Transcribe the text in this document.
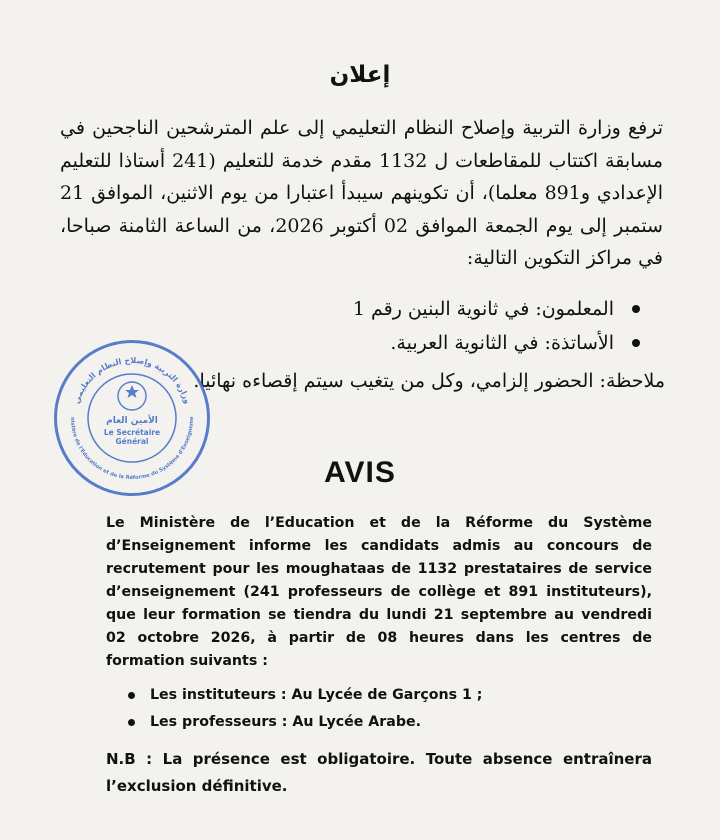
إعلان
ترفع وزارة التربية وإصلاح النظام التعليمي إلى علم المترشحين الناجحين في مسابقة اكتتاب للمقاطعات ل 1132 مقدم خدمة للتعليم (241 أستاذا للتعليم الإعدادي و891 معلما)، أن تكوينهم سيبدأ اعتبارا من يوم الاثنين، الموافق 21 ستمبر إلى يوم الجمعة الموافق 02 أكتوبر 2026، من الساعة الثامنة صباحا، في مراكز التكوين التالية:
المعلمون: في ثانوية البنين رقم 1
الأساتذة: في الثانوية العربية.
ملاحظة: الحضور إلزامي، وكل من يتغيب سيتم إقصاءه نهائيا.
وزارة التربية وإصلاح النظام التعليمي
nistère de l'Education et de la Réforme du Système d'Enseigneme
الأمين العام
Le Secrétaire
Général
AVIS
Le Ministère de l’Education et de la Réforme du Système d’Enseignement informe les candidats admis au concours de recrutement pour les moughataas de 1132 prestataires de service d’enseignement (241 professeurs de collège et 891 instituteurs), que leur formation se tiendra du lundi 21 septembre au vendredi 02 octobre 2026, à partir de 08 heures dans les centres de formation suivants :
Les instituteurs : Au Lycée de Garçons 1 ;
Les professeurs : Au Lycée Arabe.
N.B : La présence est obligatoire. Toute absence entraînera l’exclusion définitive.
